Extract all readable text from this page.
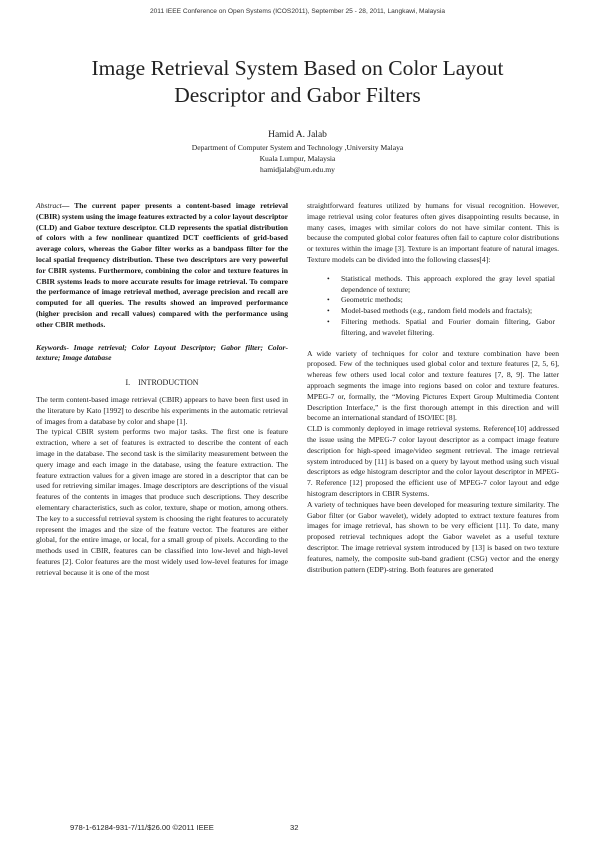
2011 IEEE Conference on Open Systems (ICOS2011), September 25 - 28, 2011, Langkawi, Malaysia
Image Retrieval System Based on Color Layout
Descriptor and Gabor Filters
Hamid A. Jalab
Department of Computer System and Technology ,University Malaya
Kuala Lumpur, Malaysia
hamidjalab@um.edu.my

Abstract— The current paper presents a content-based image retrieval (CBIR) system using the image features extracted by a color layout descriptor (CLD) and Gabor texture descriptor. CLD represents the spatial distribution of colors with a few nonlinear quantized DCT coefficients of grid-based average colors, whereas the Gabor filter works as a bandpass filter for the local spatial frequency distribution. These two descriptors are very powerful for CBIR systems. Furthermore, combining the color and texture features in CBIR systems leads to more accurate results for image retrieval. To compare the performance of image retrieval method, average precision and recall are computed for all queries. The results showed an improved performance (higher precision and recall values) compared with the performance using other CBIR methods.

Keywords- Image retrieval; Color Layout Descriptor; Gabor filter; Color-texture; Image database

I. INTRODUCTION

The term content-based image retrieval (CBIR) appears to have been first used in the literature by Kato [1992] to describe his experiments in the automatic retrieval of images from a database by color and shape [1].

The typical CBIR system performs two major tasks. The first one is feature extraction, where a set of features is extracted to describe the content of each image in the database. The second task is the similarity measurement between the query image and each image in the database, using the feature extraction. The feature extraction values for a given image are stored in a descriptor that can be used for retrieving similar images. Image descriptors are descriptions of the visual features of the contents in images that produce such descriptions. They describe elementary characteristics, such as color, texture, shape or motion, among others. The key to a successful retrieval system is choosing the right features to accurately represent the images and the size of the feature vector. The features are either global, for the entire image, or local, for a small group of pixels. According to the methods used in CBIR, features can be classified into low-level and high-level features [2]. Color features are the most widely used low-level features for image retrieval because it is one of the most

straightforward features utilized by humans for visual recognition. However, image retrieval using color features often gives disappointing results because, in many cases, images with similar colors do not have similar content. This is because the computed global color features often fail to capture color distributions or textures within the image [3]. Texture is an important feature of natural images. Texture models can be divided into the following classes[4]:

• Statistical methods. This approach explored the gray level spatial dependence of texture;
• Geometric methods;
• Model-based methods (e.g., random field models and fractals);
• Filtering methods. Spatial and Fourier domain filtering, Gabor filtering, and wavelet filtering.

A wide variety of techniques for color and texture combination have been proposed. Few of the techniques used global color and texture features [2, 5, 6], whereas few others used local color and texture features [7, 8, 9]. The latter approach segments the image into regions based on color and texture features. MPEG-7 or, formally, the “Moving Pictures Expert Group Multimedia Content Description Interface,” is the first thorough attempt in this direction and will become an international standard of ISO/IEC [8].

CLD is commonly deployed in image retrieval systems. Reference[10] addressed the issue using the MPEG-7 color layout descriptor as a compact image feature description for high-speed image/video segment retrieval. The image retrieval system introduced by [11] is based on a query by layout method using such visual descriptors as edge histogram descriptor and the color layout descriptor in MPEG-7. Reference [12] proposed the efficient use of MPEG-7 color layout and edge histogram descriptors in CBIR Systems.

A variety of techniques have been developed for measuring texture similarity. The Gabor filter (or Gabor wavelet), widely adopted to extract texture features from images for image retrieval, has shown to be very efficient [11]. To date, many proposed retrieval techniques adopt the Gabor wavelet as a useful texture descriptor. The image retrieval system introduced by [13] is based on two texture features, namely, the composite sub-band gradient (CSG) vector and the energy distribution pattern (EDP)-string. Both features are generated

978-1-61284-931-7/11/$26.00 ©2011 IEEE	32
